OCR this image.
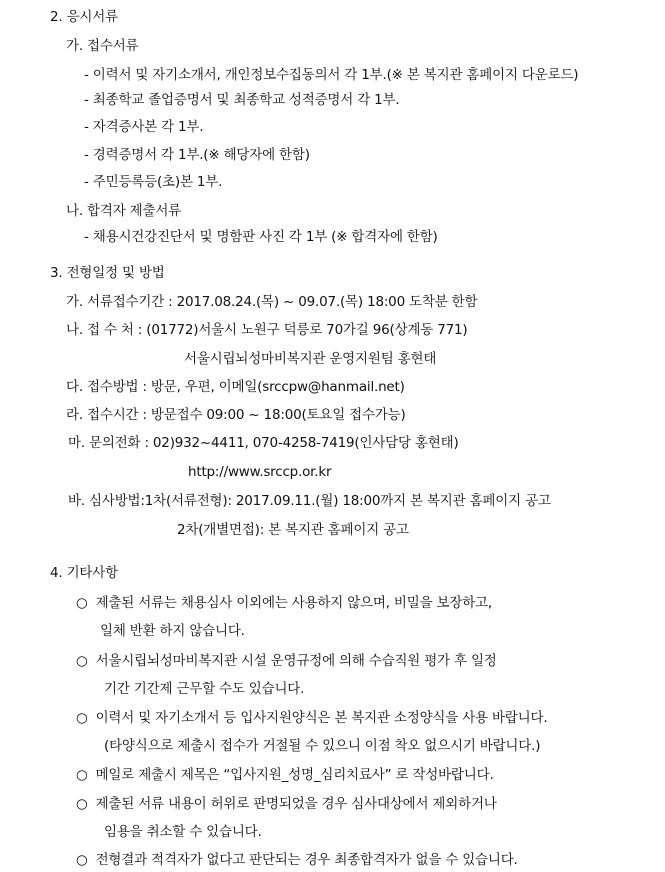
2. 응시서류
가. 접수서류
- 이력서 및 자기소개서, 개인정보수집동의서 각 1부.(※ 본 복지관 홈페이지 다운로드)
- 최종학교 졸업증명서 및 최종학교 성적증명서 각 1부.
- 자격증사본 각 1부.
- 경력증명서 각 1부.(※ 해당자에 한함)
- 주민등록등(초)본 1부.
나. 합격자 제출서류
- 채용시건강진단서 및 명함판 사진 각 1부 (※ 합격자에 한함)
3. 전형일정 및 방법
가. 서류접수기간 : 2017.08.24.(목) ~ 09.07.(목) 18:00 도착분 한함
나. 접 수 처 : (01772)서울시 노원구 덕릉로 70가길 96(상계동 771)
서울시립뇌성마비복지관 운영지원팀 홍현태
다. 접수방법 : 방문, 우편, 이메일(srccpw@hanmail.net)
라. 접수시간 : 방문접수 09:00 ~ 18:00(토요일 접수가능)
마. 문의전화 : 02)932~4411, 070-4258-7419(인사담당 홍현태)
http://www.srccp.or.kr
바. 심사방법:1차(서류전형): 2017.09.11.(월) 18:00까지 본 복지관 홈페이지 공고
2차(개별면접): 본 복지관 홈페이지 공고
4. 기타사항
○ 제출된 서류는 채용심사 이외에는 사용하지 않으며, 비밀을 보장하고,
일체 반환 하지 않습니다.
○ 서울시립뇌성마비복지관 시설 운영규정에 의해 수습직원 평가 후 일정
기간 기간제 근무할 수도 있습니다.
○ 이력서 및 자기소개서 등 입사지원양식은 본 복지관 소정양식을 사용 바랍니다.
(타양식으로 제출시 접수가 거절될 수 있으니 이점 착오 없으시기 바랍니다.)
○ 메일로 제출시 제목은 “입사지원_성명_심리치료사” 로 작성바랍니다.
○ 제출된 서류 내용이 허위로 판명되었을 경우 심사대상에서 제외하거나
임용을 취소할 수 있습니다.
○ 전형결과 적격자가 없다고 판단되는 경우 최종합격자가 없을 수 있습니다.
